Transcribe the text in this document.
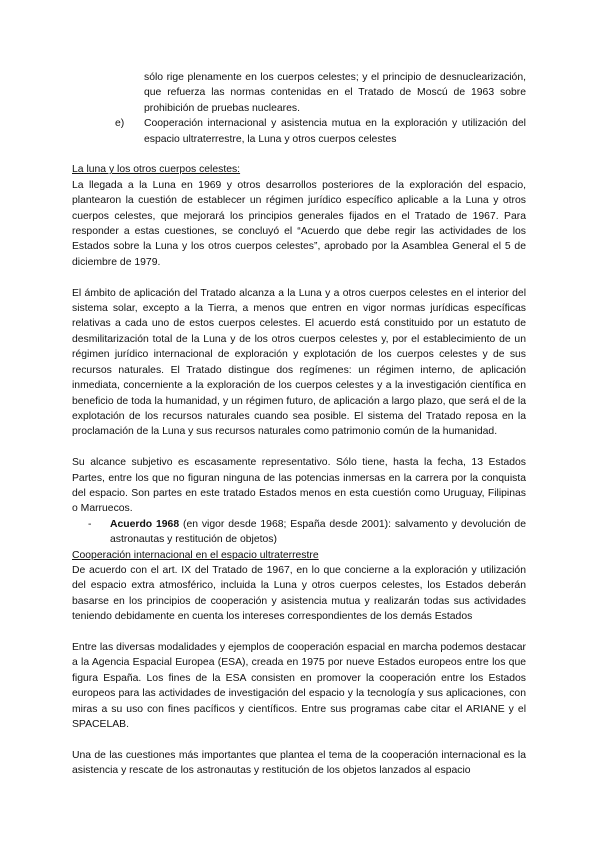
sólo rige plenamente en los cuerpos celestes; y el principio de desnuclearización, que refuerza las normas contenidas en el Tratado de Moscú de 1963 sobre prohibición de pruebas nucleares.

e)	Cooperación internacional y asistencia mutua en la exploración y utilización del espacio ultraterrestre, la Luna y otros cuerpos celestes

La luna y los otros cuerpos celestes:

La llegada a la Luna en 1969 y otros desarrollos posteriores de la exploración del espacio, plantearon la cuestión de establecer un régimen jurídico específico aplicable a la Luna y otros cuerpos celestes, que mejorará los principios generales fijados en el Tratado de 1967. Para responder a estas cuestiones, se concluyó el “Acuerdo que debe regir las actividades de los Estados sobre la Luna y los otros cuerpos celestes”, aprobado por la Asamblea General el 5 de diciembre de 1979.

El ámbito de aplicación del Tratado alcanza a la Luna y a otros cuerpos celestes en el interior del sistema solar, excepto a la Tierra, a menos que entren en vigor normas jurídicas específicas relativas a cada uno de estos cuerpos celestes. El acuerdo está constituido por un estatuto de desmilitarización total de la Luna y de los otros cuerpos celestes y, por el establecimiento de un régimen jurídico internacional de exploración y explotación de los cuerpos celestes y de sus recursos naturales. El Tratado distingue dos regímenes: un régimen interno, de aplicación inmediata, concerniente a la exploración de los cuerpos celestes y a la investigación científica en beneficio de toda la humanidad, y un régimen futuro, de aplicación a largo plazo, que será el de la explotación de los recursos naturales cuando sea posible. El sistema del Tratado reposa en la proclamación de la Luna y sus recursos naturales como patrimonio común de la humanidad.

Su alcance subjetivo es escasamente representativo. Sólo tiene, hasta la fecha, 13 Estados Partes, entre los que no figuran ninguna de las potencias inmersas en la carrera por la conquista del espacio. Son partes en este tratado Estados menos en esta cuestión como Uruguay, Filipinas o Marruecos.

-	Acuerdo 1968 (en vigor desde 1968; España desde 2001): salvamento y devolución de astronautas y restitución de objetos)

Cooperación internacional en el espacio ultraterrestre

De acuerdo con el art. IX del Tratado de 1967, en lo que concierne a la exploración y utilización del espacio extra atmosférico, incluida la Luna y otros cuerpos celestes, los Estados deberán basarse en los principios de cooperación y asistencia mutua y realizarán todas sus actividades teniendo debidamente en cuenta los intereses correspondientes de los demás Estados

Entre las diversas modalidades y ejemplos de cooperación espacial en marcha podemos destacar a la Agencia Espacial Europea (ESA), creada en 1975 por nueve Estados europeos entre los que figura España. Los fines de la ESA consisten en promover la cooperación entre los Estados europeos para las actividades de investigación del espacio y la tecnología y sus aplicaciones, con miras a su uso con fines pacíficos y científicos. Entre sus programas cabe citar el ARIANE y el SPACELAB.

Una de las cuestiones más importantes que plantea el tema de la cooperación internacional es la asistencia y rescate de los astronautas y restitución de los objetos lanzados al espacio
